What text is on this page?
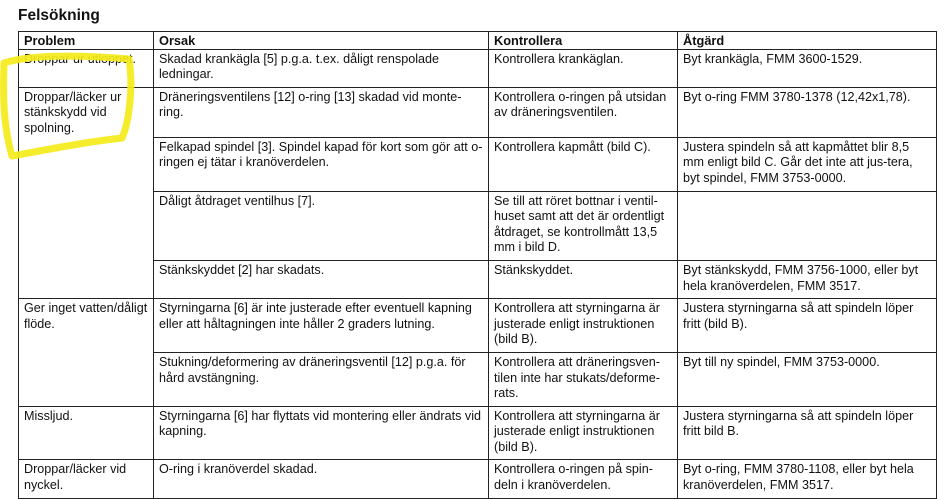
Felsökning
Problem	Orsak	Kontrollera	Åtgärd
Droppar ur utloppet.	Skadad krankägla [5] p.g.a. t.ex. dåligt renspolade ledningar.	Kontrollera krankäglan.	Byt krankägla, FMM 3600-1529.
Droppar/läcker ur stänkskydd vid spolning.	Dräneringsventilens [12] o-ring [13] skadad vid monte-ring.	Kontrollera o-ringen på utsidan av dräneringsventilen.	Byt o-ring FMM 3780-1378 (12,42x1,78).
	Felkapad spindel [3]. Spindel kapad för kort som gör att o-ringen ej tätar i kranöverdelen.	Kontrollera kapmått (bild C).	Justera spindeln så att kapmåttet blir 8,5 mm enligt bild C. Går det inte att jus-tera, byt spindel, FMM 3753-0000.
	Dåligt åtdraget ventilhus [7].	Se till att röret bottnar i ventil-huset samt att det är ordentligt åtdraget, se kontrollmått 13,5 mm i bild D.	
	Stänkskyddet [2] har skadats.	Stänkskyddet.	Byt stänkskydd, FMM 3756-1000, eller byt hela kranöverdelen, FMM 3517.
Ger inget vatten/dåligt flöde.	Styrningarna [6] är inte justerade efter eventuell kapning eller att håltagningen inte håller 2 graders lutning.	Kontrollera att styrningarna är justerade enligt instruktionen (bild B).	Justera styrningarna så att spindeln löper fritt (bild B).
	Stukning/deformering av dräneringsventil [12] p.g.a. för hård avstängning.	Kontrollera att dräneringsven-tilen inte har stukats/deforme-rats.	Byt till ny spindel, FMM 3753-0000.
Missljud.	Styrningarna [6] har flyttats vid montering eller ändrats vid kapning.	Kontrollera att styrningarna är justerade enligt instruktionen (bild B).	Justera styrningarna så att spindeln löper fritt bild B.
Droppar/läcker vid nyckel.	O-ring i kranöverdel skadad.	Kontrollera o-ringen på spin-deln i kranöverdelen.	Byt o-ring, FMM 3780-1108, eller byt hela kranöverdelen, FMM 3517.
